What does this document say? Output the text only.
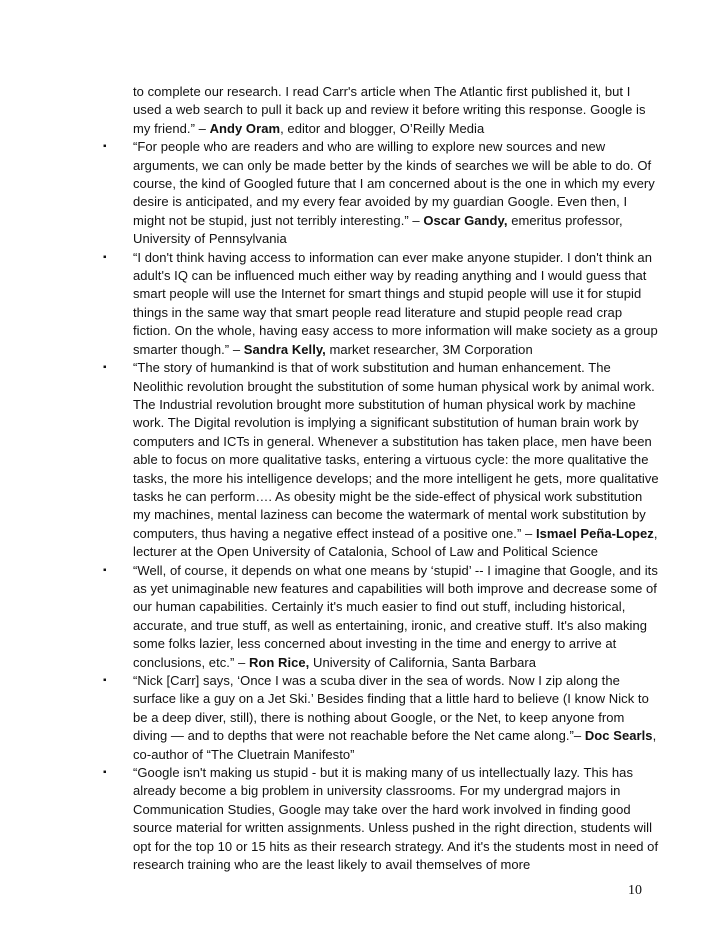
to complete our research. I read Carr's article when The Atlantic first published it, but I used a web search to pull it back up and review it before writing this response. Google is my friend.” – Andy Oram, editor and blogger, O’Reilly Media
▪ “For people who are readers and who are willing to explore new sources and new arguments, we can only be made better by the kinds of searches we will be able to do. Of course, the kind of Googled future that I am concerned about is the one in which my every desire is anticipated, and my every fear avoided by my guardian Google. Even then, I might not be stupid, just not terribly interesting.” – Oscar Gandy, emeritus professor, University of Pennsylvania
▪ “I don't think having access to information can ever make anyone stupider. I don't think an adult's IQ can be influenced much either way by reading anything and I would guess that smart people will use the Internet for smart things and stupid people will use it for stupid things in the same way that smart people read literature and stupid people read crap fiction. On the whole, having easy access to more information will make society as a group smarter though.” – Sandra Kelly, market researcher, 3M Corporation
▪ “The story of humankind is that of work substitution and human enhancement. The Neolithic revolution brought the substitution of some human physical work by animal work. The Industrial revolution brought more substitution of human physical work by machine work. The Digital revolution is implying a significant substitution of human brain work by computers and ICTs in general. Whenever a substitution has taken place, men have been able to focus on more qualitative tasks, entering a virtuous cycle: the more qualitative the tasks, the more his intelligence develops; and the more intelligent he gets, more qualitative tasks he can perform…. As obesity might be the side-effect of physical work substitution my machines, mental laziness can become the watermark of mental work substitution by computers, thus having a negative effect instead of a positive one.” – Ismael Peña-Lopez, lecturer at the Open University of Catalonia, School of Law and Political Science
▪ “Well, of course, it depends on what one means by ‘stupid’ -- I imagine that Google, and its as yet unimaginable new features and capabilities will both improve and decrease some of our human capabilities. Certainly it's much easier to find out stuff, including historical, accurate, and true stuff, as well as entertaining, ironic, and creative stuff. It's also making some folks lazier, less concerned about investing in the time and energy to arrive at conclusions, etc.” – Ron Rice, University of California, Santa Barbara
▪ “Nick [Carr] says, ‘Once I was a scuba diver in the sea of words. Now I zip along the surface like a guy on a Jet Ski.’ Besides finding that a little hard to believe (I know Nick to be a deep diver, still), there is nothing about Google, or the Net, to keep anyone from diving — and to depths that were not reachable before the Net came along.”– Doc Searls, co-author of “The Cluetrain Manifesto”
▪ “Google isn't making us stupid - but it is making many of us intellectually lazy. This has already become a big problem in university classrooms. For my undergrad majors in Communication Studies, Google may take over the hard work involved in finding good source material for written assignments. Unless pushed in the right direction, students will opt for the top 10 or 15 hits as their research strategy. And it's the students most in need of research training who are the least likely to avail themselves of more
10
